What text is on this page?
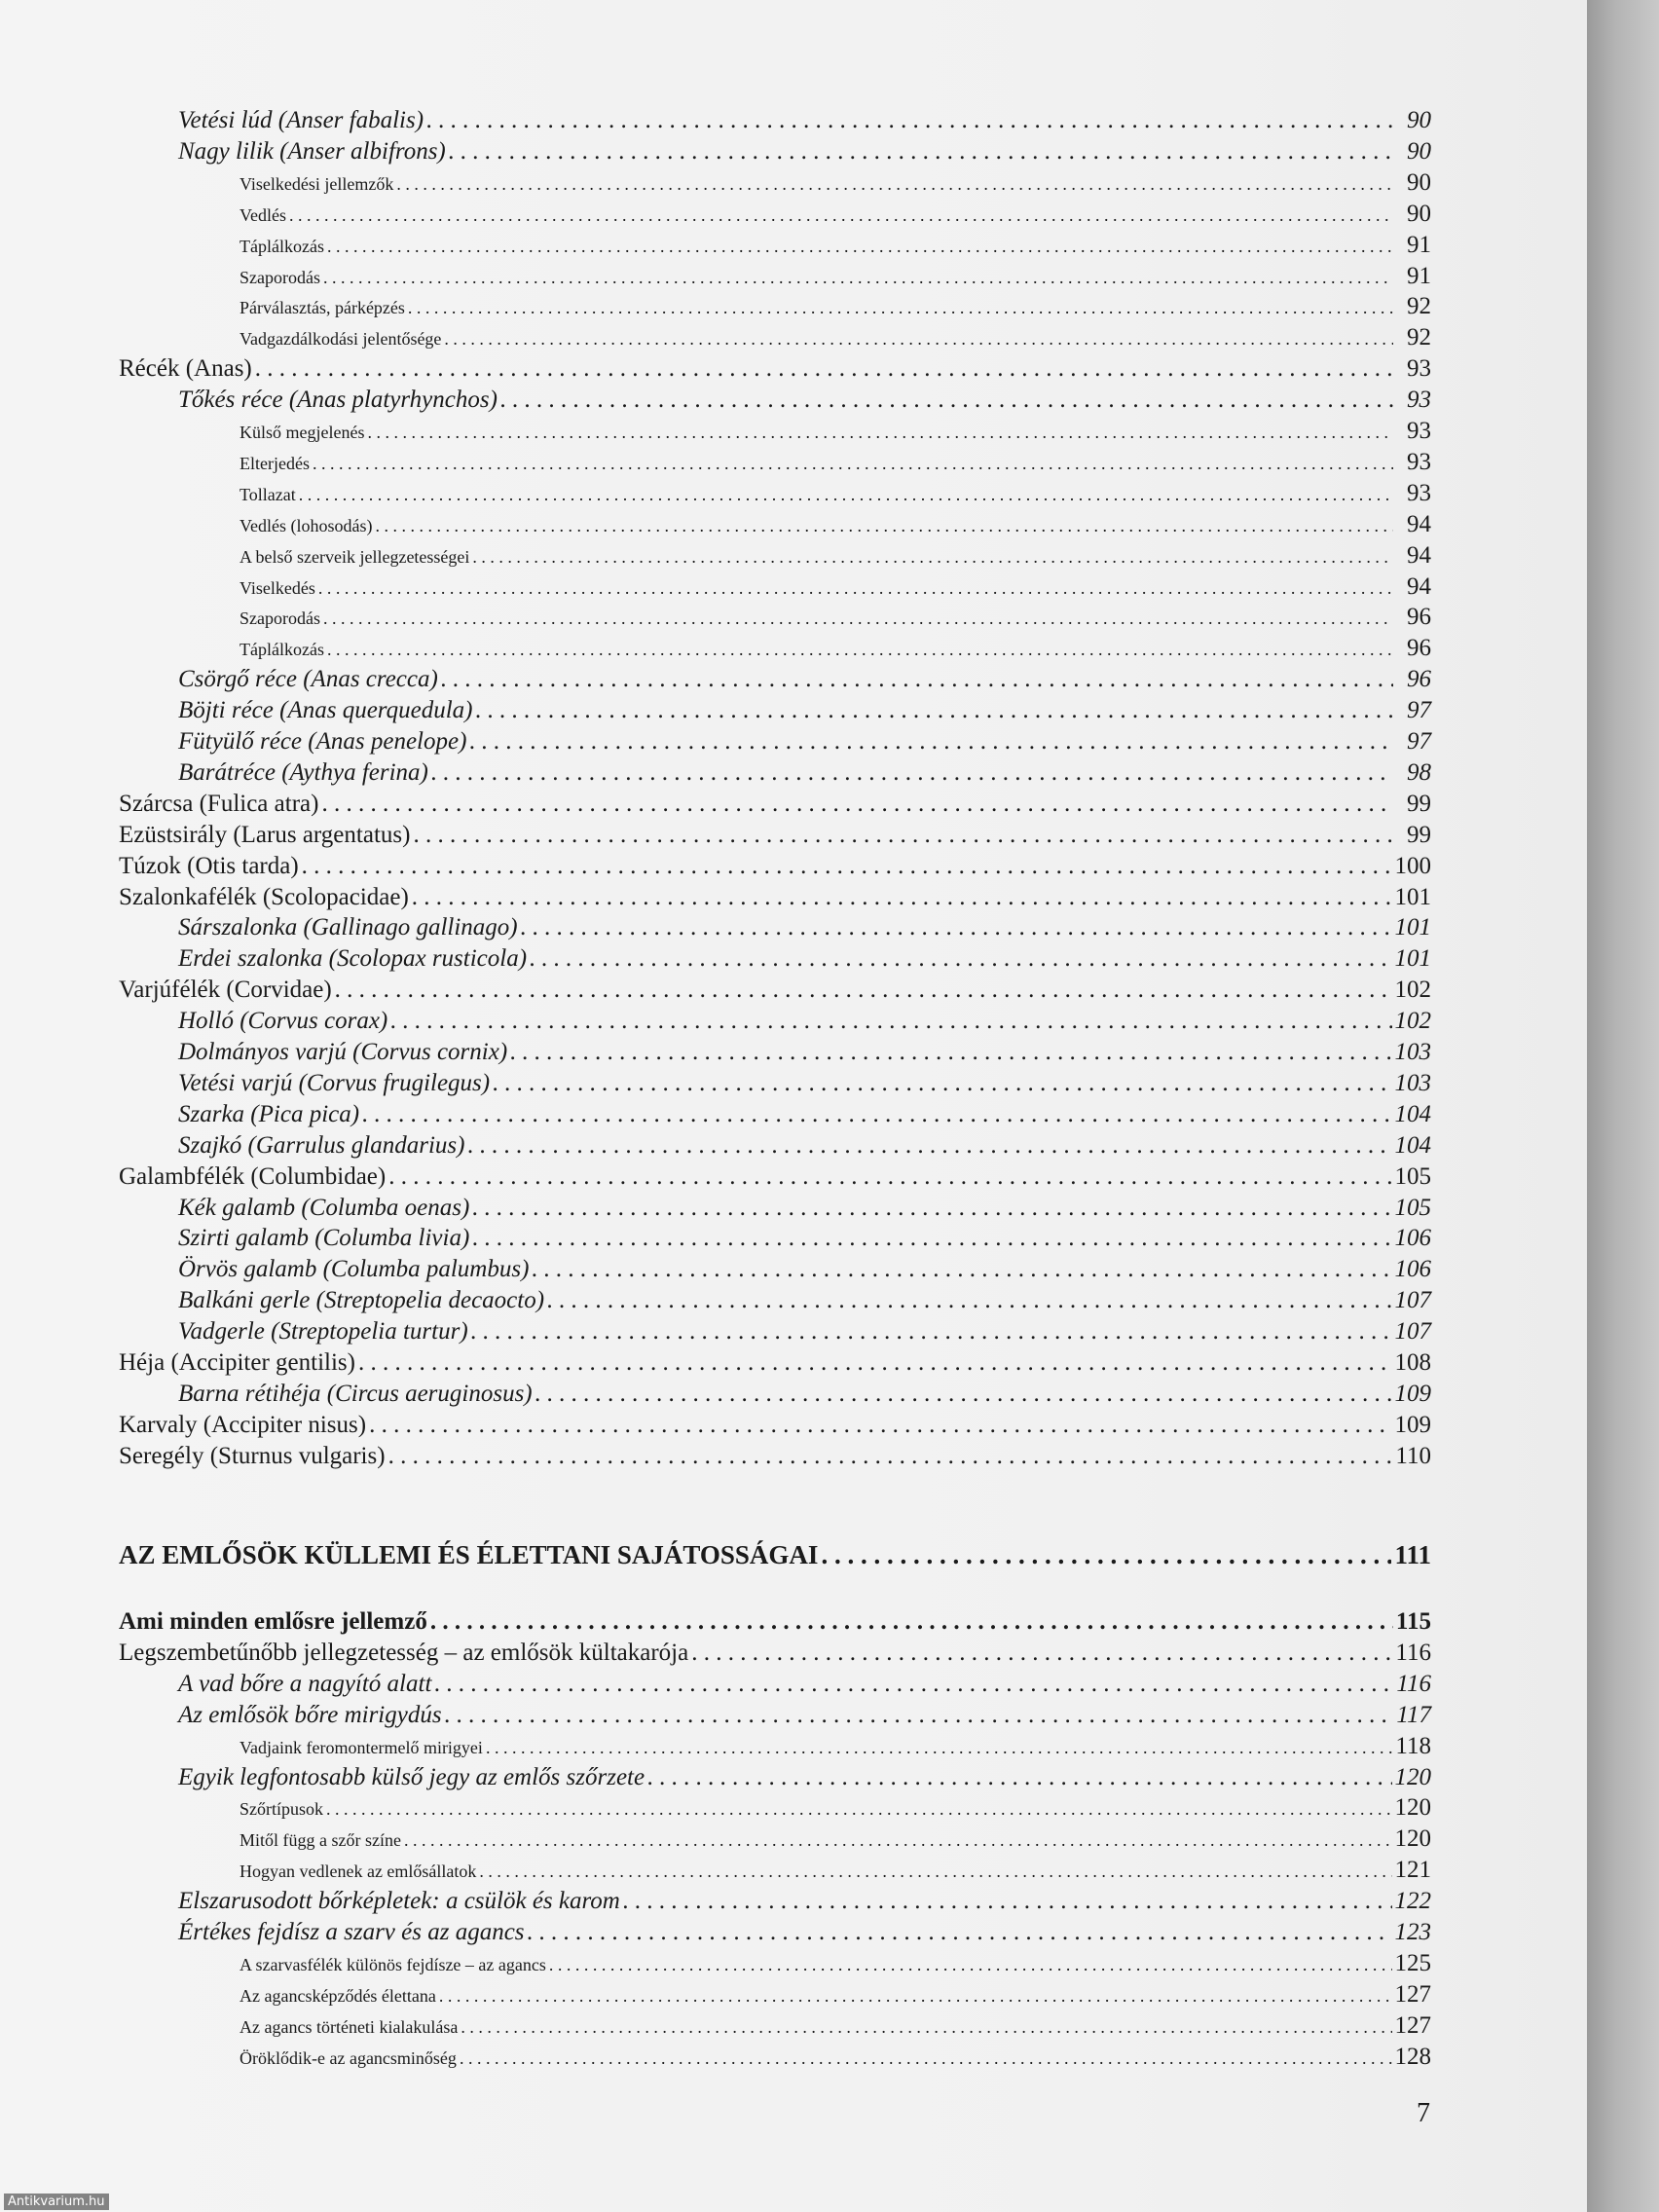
Vetési lúd (Anser fabalis) . . .	90
Nagy lilik (Anser albifrons) . . .	90
Viselkedési jellemzők . . .	90
Vedlés . . .	90
Táplálkozás . . .	91
Szaporodás . . .	91
Párválasztás, párképzés . . .	92
Vadgazdálkodási jelentősége . . .	92
Récék (Anas) . . .	93
Tőkés réce (Anas platyrhynchos) . . .	93
Külső megjelenés . . .	93
Elterjedés . . .	93
Tollazat . . .	93
Vedlés (lohosodás) . . .	94
A belső szerveik jellegzetességei . . .	94
Viselkedés . . .	94
Szaporodás . . .	96
Táplálkozás . . .	96
Csörgő réce (Anas crecca) . . .	96
Böjti réce (Anas querquedula) . . .	97
Fütyülő réce (Anas penelope) . . .	97
Barátréce (Aythya ferina) . . .	98
Szárcsa (Fulica atra) . . .	99
Ezüstsirály (Larus argentatus) . . .	99
Túzok (Otis tarda) . . .	100
Szalonkafélék (Scolopacidae) . . .	101
Sárszalonka (Gallinago gallinago) . . .	101
Erdei szalonka (Scolopax rusticola) . . .	101
Varjúfélék (Corvidae) . . .	102
Holló (Corvus corax) . . .	102
Dolmányos varjú (Corvus cornix) . . .	103
Vetési varjú (Corvus frugilegus) . . .	103
Szarka (Pica pica) . . .	104
Szajkó (Garrulus glandarius) . . .	104
Galambfélék (Columbidae) . . .	105
Kék galamb (Columba oenas) . . .	105
Szirti galamb (Columba livia) . . .	106
Örvös galamb (Columba palumbus) . . .	106
Balkáni gerle (Streptopelia decaocto) . . .	107
Vadgerle (Streptopelia turtur) . . .	107
Héja (Accipiter gentilis) . . .	108
Barna rétihéja (Circus aeruginosus) . . .	109
Karvaly (Accipiter nisus) . . .	109
Seregély (Sturnus vulgaris) . . .	110
AZ EMLŐSÖK KÜLLEMI ÉS ÉLETTANI SAJÁTOSSÁGAI . . .	111
Ami minden emlősre jellemző . . .	115
Legszembetűnőbb jellegzetesség – az emlősök kültakarója . . .	116
A vad bőre a nagyító alatt . . .	116
Az emlősök bőre mirigydús . . .	117
Vadjaink feromontermelő mirigyei . . .	118
Egyik legfontosabb külső jegy az emlős szőrzete . . .	120
Szőrtípusok . . .	120
Mitől függ a szőr színe . . .	120
Hogyan vedlenek az emlősállatok . . .	121
Elszarusodott bőrképletek: a csülök és karom . . .	122
Értékes fejdísz a szarv és az agancs . . .	123
A szarvasfélék különös fejdísze – az agancs . . .	125
Az agancsképződés élettana . . .	127
Az agancs történeti kialakulása . . .	127
Öröklődik-e az agancsminőség . . .	128
7
Antikvarium.hu
